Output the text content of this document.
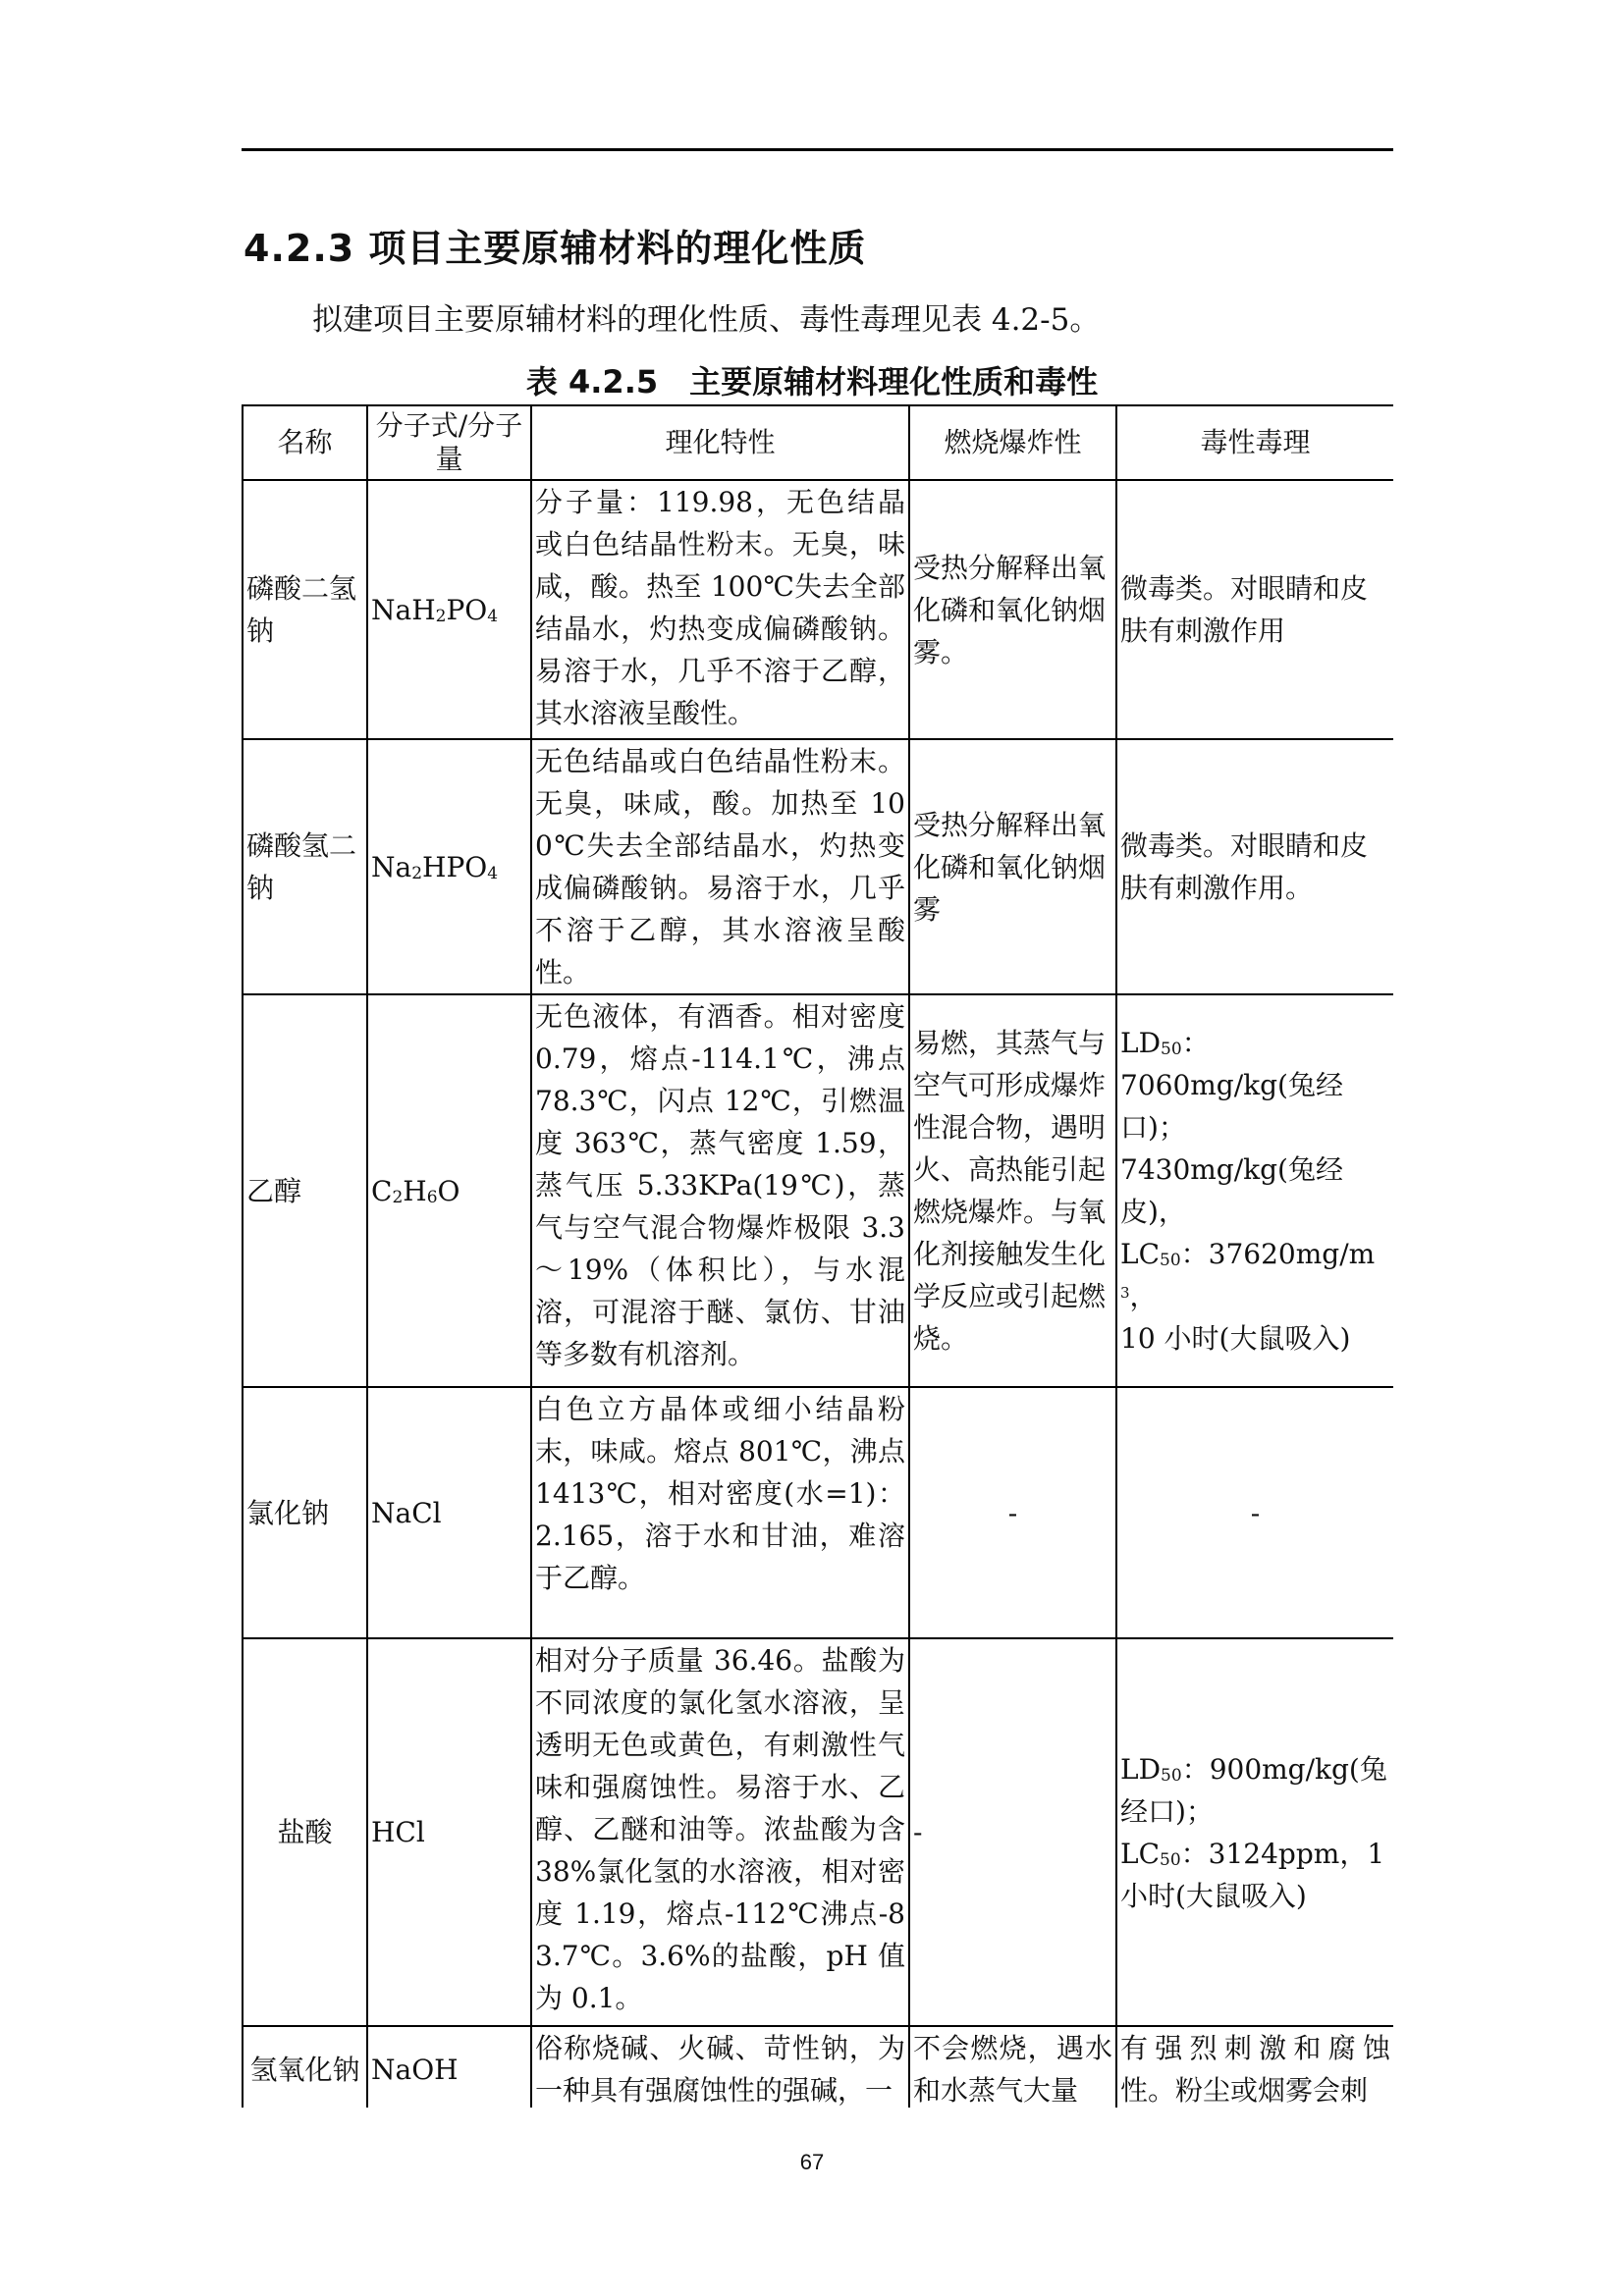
4.2.3 项目主要原辅材料的理化性质
拟建项目主要原辅材料的理化性质、毒性毒理见表 4.2-5。
表 4.2.5　主要原辅材料理化性质和毒性
名称	分子式/分子量	理化特性	燃烧爆炸性	毒性毒理
磷酸二氢钠	$NaH_2PO_4$	分子量：119.98，无色结晶或白色结晶性粉末。无臭，味咸，酸。热至 100℃失去全部结晶水，灼热变成偏磷酸钠。易溶于水，几乎不溶于乙醇，其水溶液呈酸性。	受热分解释出氧化磷和氧化钠烟雾。	微毒类。对眼睛和皮肤有刺激作用
磷酸氢二钠	$Na_2HPO_4$	无色结晶或白色结晶性粉末。无臭，味咸，酸。加热至 100℃失去全部结晶水，灼热变成偏磷酸钠。易溶于水，几乎不溶于乙醇，其水溶液呈酸性。	受热分解释出氧化磷和氧化钠烟雾	微毒类。对眼睛和皮肤有刺激作用。
乙醇	$C_2H_6O$	无色液体，有酒香。相对密度 0.79，熔点-114.1℃，沸点 78.3℃，闪点 12℃，引燃温度 363℃，蒸气密度 1.59，蒸气压 5.33KPa(19℃)，蒸气与空气混合物爆炸极限 3.3～19%（体积比），与水混溶，可混溶于醚、氯仿、甘油等多数有机溶剂。	易燃，其蒸气与空气可形成爆炸性混合物，遇明火、高热能引起燃烧爆炸。与氧化剂接触发生化学反应或引起燃烧。	$LD_{50}$：
7060mg/kg(兔经口)；
7430mg/kg(兔经皮)，
$LC_{50}$：$37620mg/m^3$，
10 小时(大鼠吸入)

氯化钠	NaCl	白色立方晶体或细小结晶粉末，味咸。熔点 801℃，沸点 1413℃，相对密度(水=1)：2.165，溶于水和甘油，难溶于乙醇。	-	-
盐酸	HCl	相对分子质量 36.46。盐酸为不同浓度的氯化氢水溶液，呈透明无色或黄色，有刺激性气味和强腐蚀性。易溶于水、乙醇、乙醚和油等。浓盐酸为含 38%氯化氢的水溶液，相对密度 1.19，熔点-112℃沸点-83.7℃。3.6%的盐酸，pH 值为 0.1。	-	$LD_{50}$：900mg/kg(兔经口)；
$LC_{50}$：3124ppm，1 小时(大鼠吸入)
氢氧化钠	NaOH	俗称烧碱、火碱、苛性钠，为一种具有强腐蚀性的强碱，一	不会燃烧，遇水和水蒸气大量	有强烈刺激和腐蚀性。粉尘或烟雾会刺
67
